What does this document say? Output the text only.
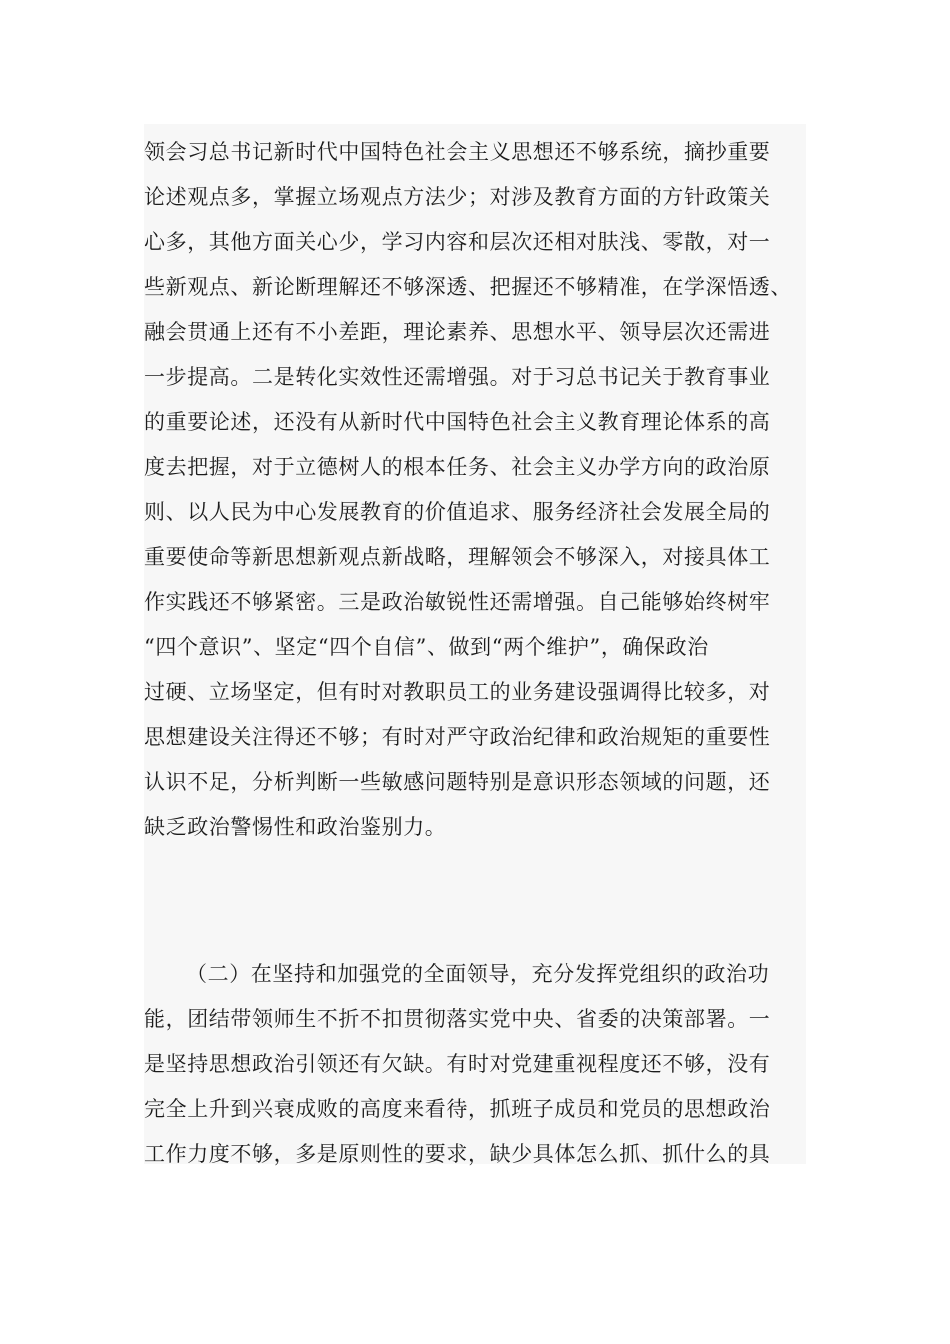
领会习总书记新时代中国特色社会主义思想还不够系统，摘抄重要
论述观点多，掌握立场观点方法少；对涉及教育方面的方针政策关
心多，其他方面关心少，学习内容和层次还相对肤浅、零散，对一
些新观点、新论断理解还不够深透、把握还不够精准，在学深悟透、
融会贯通上还有不小差距，理论素养、思想水平、领导层次还需进
一步提高。二是转化实效性还需增强。对于习总书记关于教育事业
的重要论述，还没有从新时代中国特色社会主义教育理论体系的高
度去把握，对于立德树人的根本任务、社会主义办学方向的政治原
则、以人民为中心发展教育的价值追求、服务经济社会发展全局的
重要使命等新思想新观点新战略，理解领会不够深入，对接具体工
作实践还不够紧密。三是政治敏锐性还需增强。自己能够始终树牢
“四个意识”、坚定“四个自信”、做到“两个维护”，确保政治
过硬、立场坚定，但有时对教职员工的业务建设强调得比较多，对
思想建设关注得还不够；有时对严守政治纪律和政治规矩的重要性
认识不足，分析判断一些敏感问题特别是意识形态领域的问题，还
缺乏政治警惕性和政治鉴别力。
（二）在坚持和加强党的全面领导，充分发挥党组织的政治功
能，团结带领师生不折不扣贯彻落实党中央、省委的决策部署。一
是坚持思想政治引领还有欠缺。有时对党建重视程度还不够，没有
完全上升到兴衰成败的高度来看待，抓班子成员和党员的思想政治
工作力度不够，多是原则性的要求，缺少具体怎么抓、抓什么的具
